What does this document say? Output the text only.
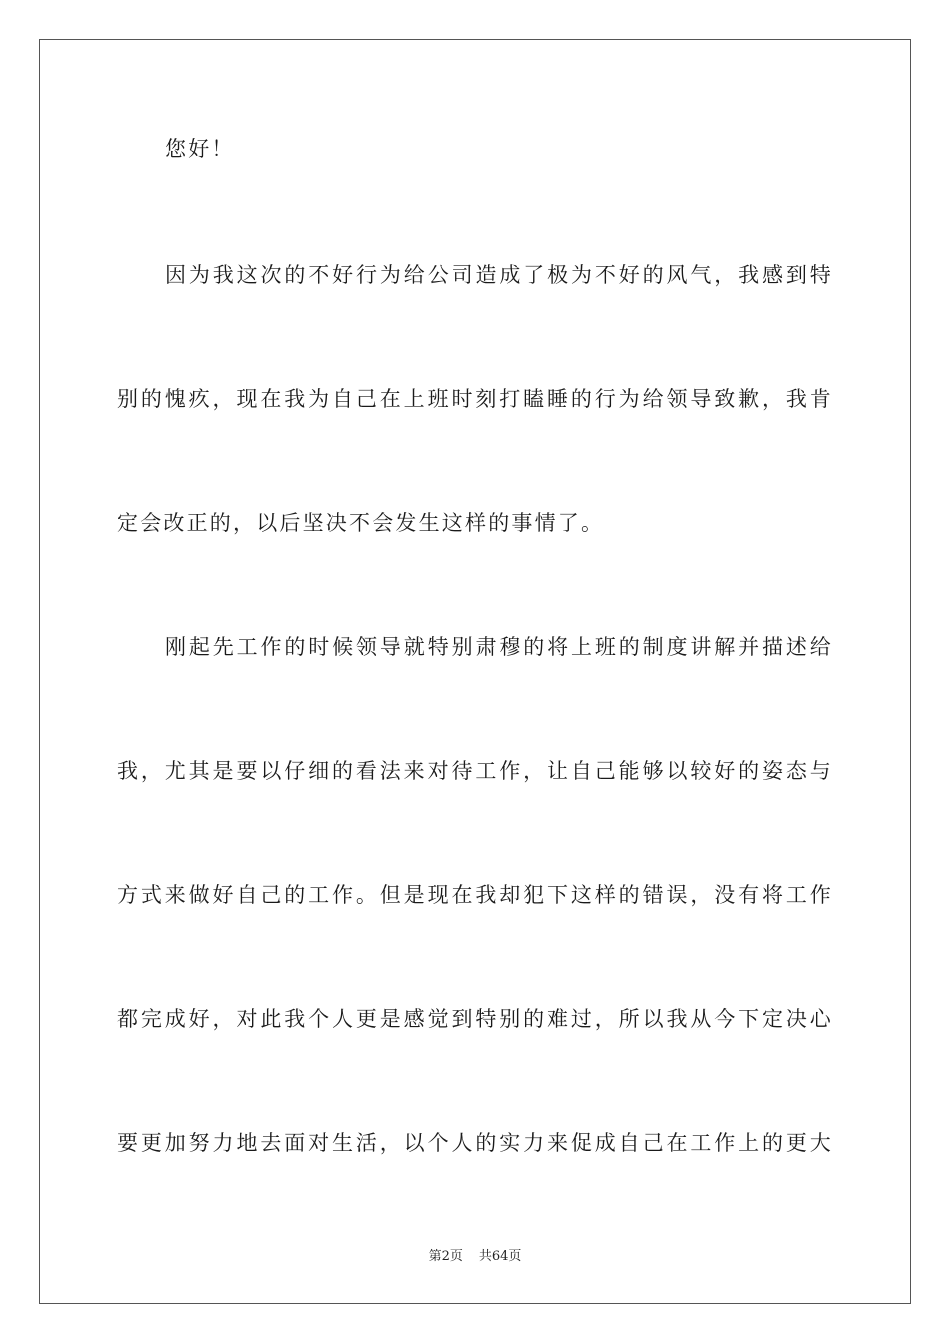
您好！
因为我这次的不好行为给公司造成了极为不好的风气，我感到特
别的愧疚，现在我为自己在上班时刻打瞌睡的行为给领导致歉，我肯
定会改正的，以后坚决不会发生这样的事情了。
刚起先工作的时候领导就特别肃穆的将上班的制度讲解并描述给
我，尤其是要以仔细的看法来对待工作，让自己能够以较好的姿态与
方式来做好自己的工作。但是现在我却犯下这样的错误，没有将工作
都完成好，对此我个人更是感觉到特别的难过，所以我从今下定决心
要更加努力地去面对生活，以个人的实力来促成自己在工作上的更大
第2页 共64页
